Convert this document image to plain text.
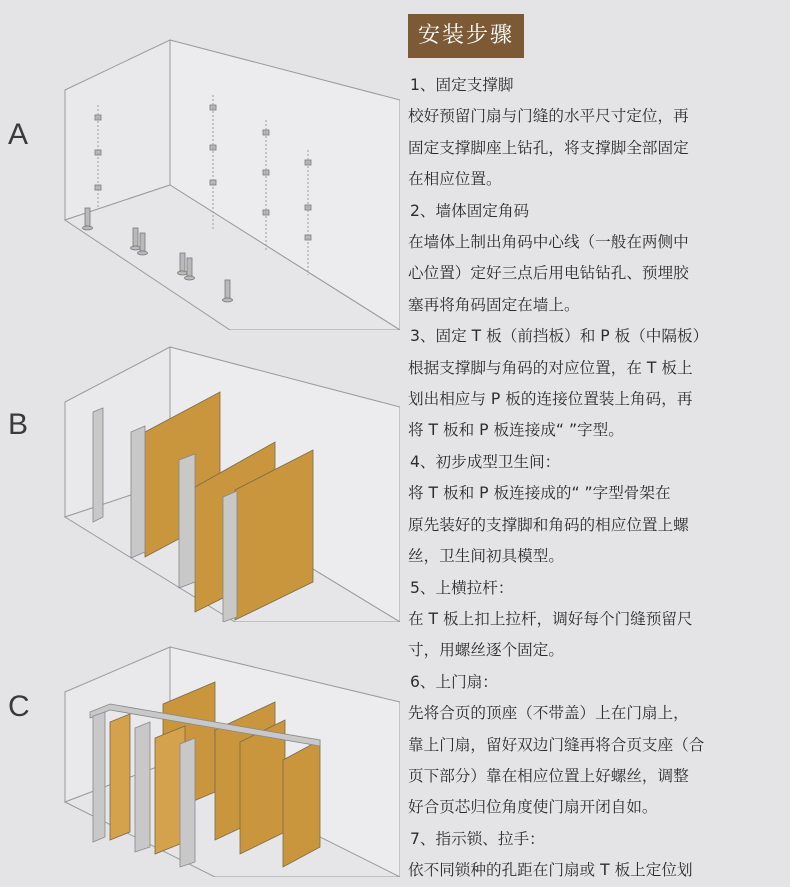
A
B
C
安装步骤
1、固定支撑脚
校好预留门扇与门缝的水平尺寸定位，再
固定支撑脚座上钻孔，将支撑脚全部固定
在相应位置。
2、墙体固定角码
在墙体上制出角码中心线（一般在两侧中
心位置）定好三点后用电钻钻孔、预埋胶
塞再将角码固定在墙上。
3、固定 T 板（前挡板）和 P 板（中隔板）
根据支撑脚与角码的对应位置，在 T 板上
划出相应与 P 板的连接位置装上角码，再
将 T 板和 P 板连接成“ ”字型。
4、初步成型卫生间：
将 T 板和 P 板连接成的“ ”字型骨架在
原先装好的支撑脚和角码的相应位置上螺
丝，卫生间初具模型。
5、上横拉杆：
在 T 板上扣上拉杆，调好每个门缝预留尺
寸，用螺丝逐个固定。
6、上门扇：
先将合页的顶座（不带盖）上在门扇上，
靠上门扇，留好双边门缝再将合页支座（合
页下部分）靠在相应位置上好螺丝，调整
好合页芯归位角度使门扇开闭自如。
7、指示锁、拉手：
依不同锁种的孔距在门扇或 T 板上定位划
